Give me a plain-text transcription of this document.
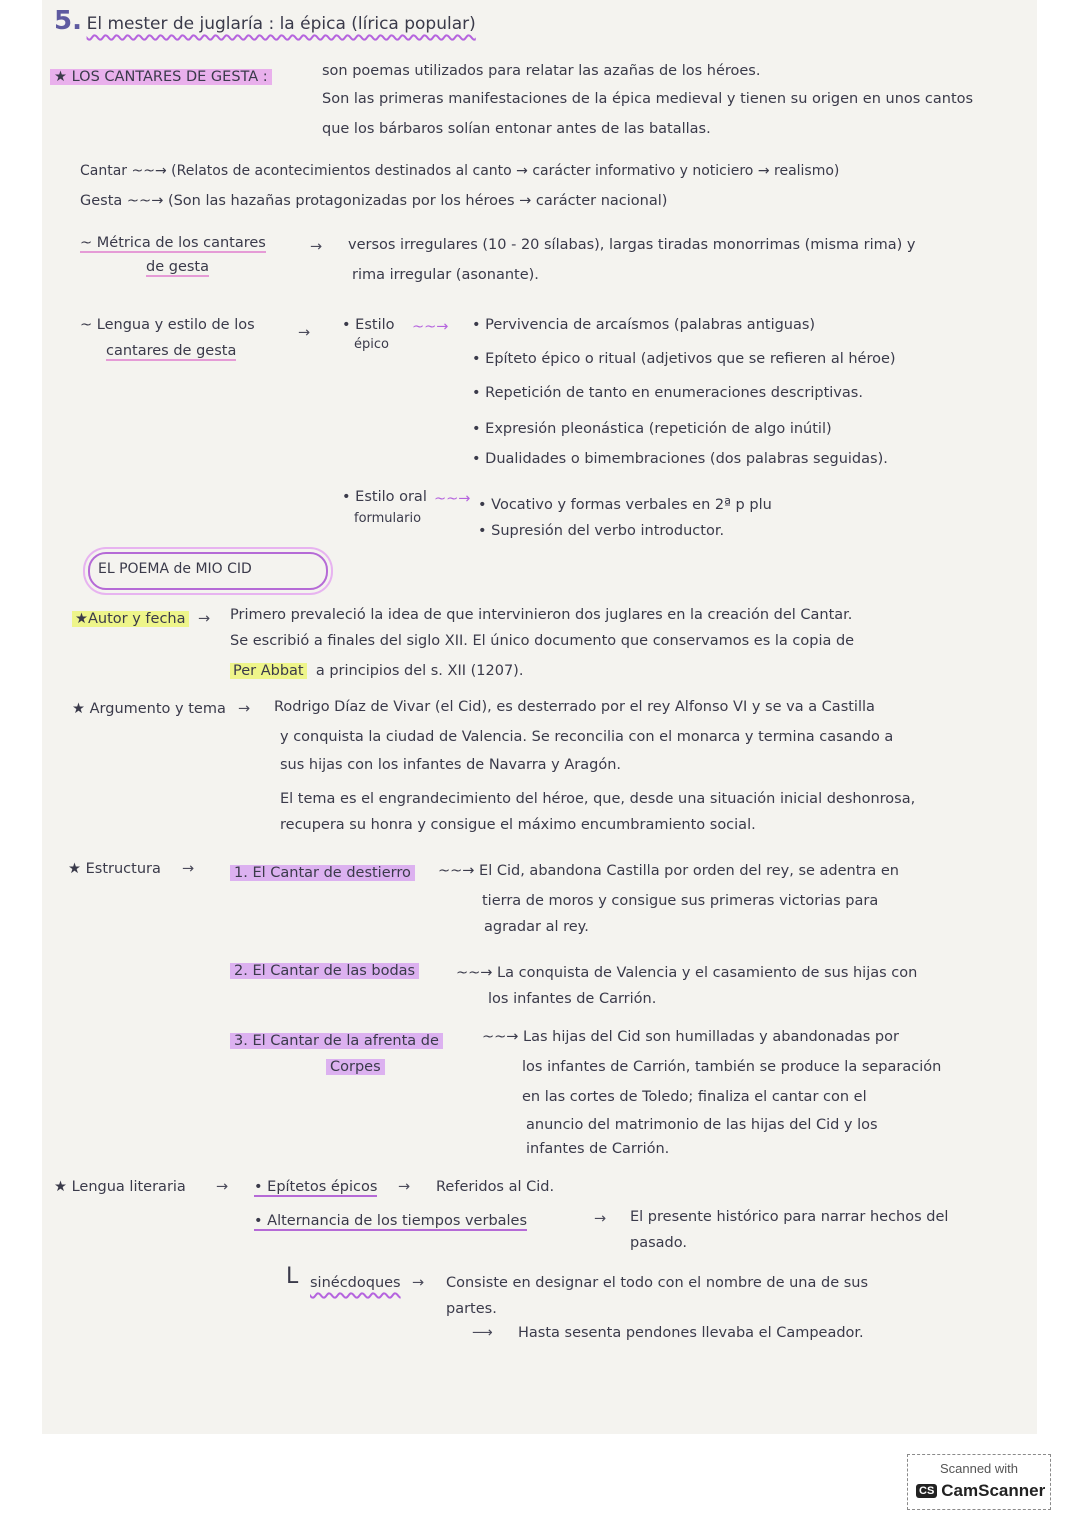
5. El mester de juglaría : la épica (lírica popular)
★ LOS CANTARES DE GESTA :	son poemas utilizados para relatar las azañas de los héroes.
Son las primeras manifestaciones de la épica medieval y tienen su origen en unos cantos
que los bárbaros solían entonar antes de las batallas.
Cantar ~~→ (Relatos de acontecimientos destinados al canto → carácter informativo y noticiero → realismo)
Gesta ~~→ (Son las hazañas protagonizadas por los héroes → carácter nacional)
~ Métrica de los cantares
de gesta
→ versos irregulares (10 - 20 sílabas), largas tiradas monorrimas (misma rima) y
rima irregular (asonante).
~ Lengua y estilo de los
cantares de gesta
→ • Estilo
épico
~~→ • Pervivencia de arcaísmos (palabras antiguas)
• Epíteto épico o ritual (adjetivos que se refieren al héroe)
• Repetición de tanto en enumeraciones descriptivas.
• Expresión pleonástica (repetición de algo inútil)
• Dualidades o bimembraciones (dos palabras seguidas).
• Estilo oral
formulario
~~→ • Vocativo y formas verbales en 2ª p plu
• Supresión del verbo introductor.
EL POEMA de MIO CID
★Autor y fecha → Primero prevaleció la idea de que intervinieron dos juglares en la creación del Cantar.
Se escribió a finales del siglo XII. El único documento que conservamos es la copia de
Per Abbat a principios del s. XII (1207).
★ Argumento y tema → Rodrigo Díaz de Vivar (el Cid), es desterrado por el rey Alfonso VI y se va a Castilla
y conquista la ciudad de Valencia. Se reconcilia con el monarca y termina casando a
sus hijas con los infantes de Navarra y Aragón.
El tema es el engrandecimiento del héroe, que, desde una situación inicial deshonrosa,
recupera su honra y consigue el máximo encumbramiento social.
★ Estructura →	1. El Cantar de destierro ~~→ El Cid, abandona Castilla por orden del rey, se adentra en
tierra de moros y consigue sus primeras victorias para
agradar al rey.
2. El Cantar de las bodas	~~→ La conquista de Valencia y el casamiento de sus hijas con
los infantes de Carrión.
3. El Cantar de la afrenta de
Corpes
~~→ Las hijas del Cid son humilladas y abandonadas por
los infantes de Carrión, también se produce la separación
en las cortes de Toledo; finaliza el cantar con el
anuncio del matrimonio de las hijas del Cid y los
infantes de Carrión.
★ Lengua literaria → • Epítetos épicos → Referidos al Cid.
• Alternancia de los tiempos verbales	→ El presente histórico para narrar hechos del
pasado.
L sinécdoques → Consiste en designar el todo con el nombre de una de sus
partes.
⟶ Hasta sesenta pendones llevaba el Campeador.
Scanned with
CS CamScanner
